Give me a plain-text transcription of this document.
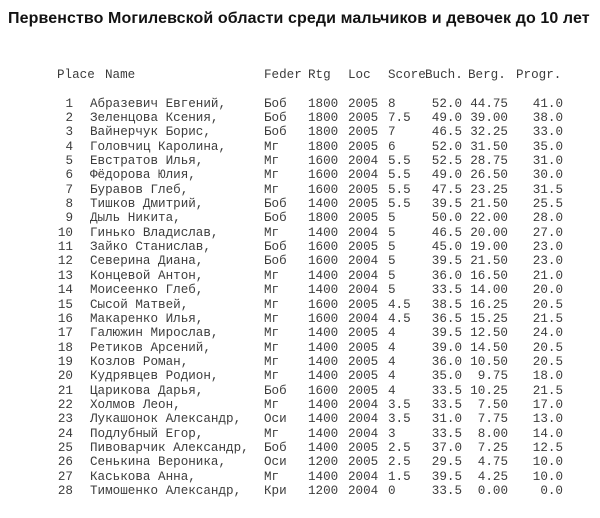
Первенство Могилевской области среди мальчиков и девочек до 10 лет
Place Name	Feder Rtg	Loc	Score Buch. Berg. Progr.
1 Абразевич Евгений,	Боб	1800 2005 8	52.0 44.75	41.0
2 Зеленцова Ксения,	Боб	1800 2005 7.5	49.0 39.00	38.0
3 Вайнерчук Борис,	Боб	1800 2005 7	46.5 32.25	33.0
4 Головчиц Каролина,	Мг	1800 2005 6	52.0 31.50	35.0
5 Евстратов Илья,	Мг	1600 2004 5.5	52.5 28.75	31.0
6 Фёдорова Юлия,	Мг	1600 2004 5.5	49.0 26.50	30.0
7 Буравов Глеб,	Мг	1600 2005 5.5	47.5 23.25	31.5
8 Тишков Дмитрий,	Боб	1400 2005 5.5	39.5 21.50	25.5
9 Дыль Никита,	Боб	1800 2005 5	50.0 22.00	28.0
10 Гинько Владислав,	Мг	1400 2004 5	46.5 20.00	27.0
11 Зайко Станислав,	Боб	1600 2005 5	45.0 19.00	23.0
12 Северина Диана,	Боб	1600 2004 5	39.5 21.50	23.0
13 Концевой Антон,	Мг	1400 2004 5	36.0 16.50	21.0
14 Моисеенко Глеб,	Мг	1400 2004 5	33.5 14.00	20.0
15 Сысой Матвей,	Мг	1600 2005 4.5	38.5 16.25	20.5
16 Макаренко Илья,	Мг	1600 2004 4.5	36.5 15.25	21.5
17 Галюжин Мирослав,	Мг	1400 2005 4	39.5 12.50	24.0
18 Ретиков Арсений,	Мг	1400 2005 4	39.0 14.50	20.5
19 Козлов Роман,	Мг	1400 2005 4	36.0 10.50	20.5
20 Кудрявцев Родион,	Мг	1400 2005 4	35.0	9.75	18.0
21 Царикова Дарья,	Боб	1600 2005 4	33.5 10.25	21.5
22 Холмов Леон,	Мг	1400 2004 3.5	33.5	7.50	17.0
23 Лукашонок Александр,	Оси	1400 2004 3.5	31.0	7.75	13.0
24 Подлубный Егор,	Мг	1400 2004 3	33.5	8.00	14.0
25 Пивоварчик Александр,	Боб	1400 2005 2.5	37.0	7.25	12.5
26 Сенькина Вероника,	Оси	1200 2005 2.5	29.5	4.75	10.0
27 Каськова Анна,	Мг	1400 2004 1.5	39.5	4.25	10.0
28 Тимошенко Александр,	Кри	1200 2004 0	33.5	0.00	0.0
